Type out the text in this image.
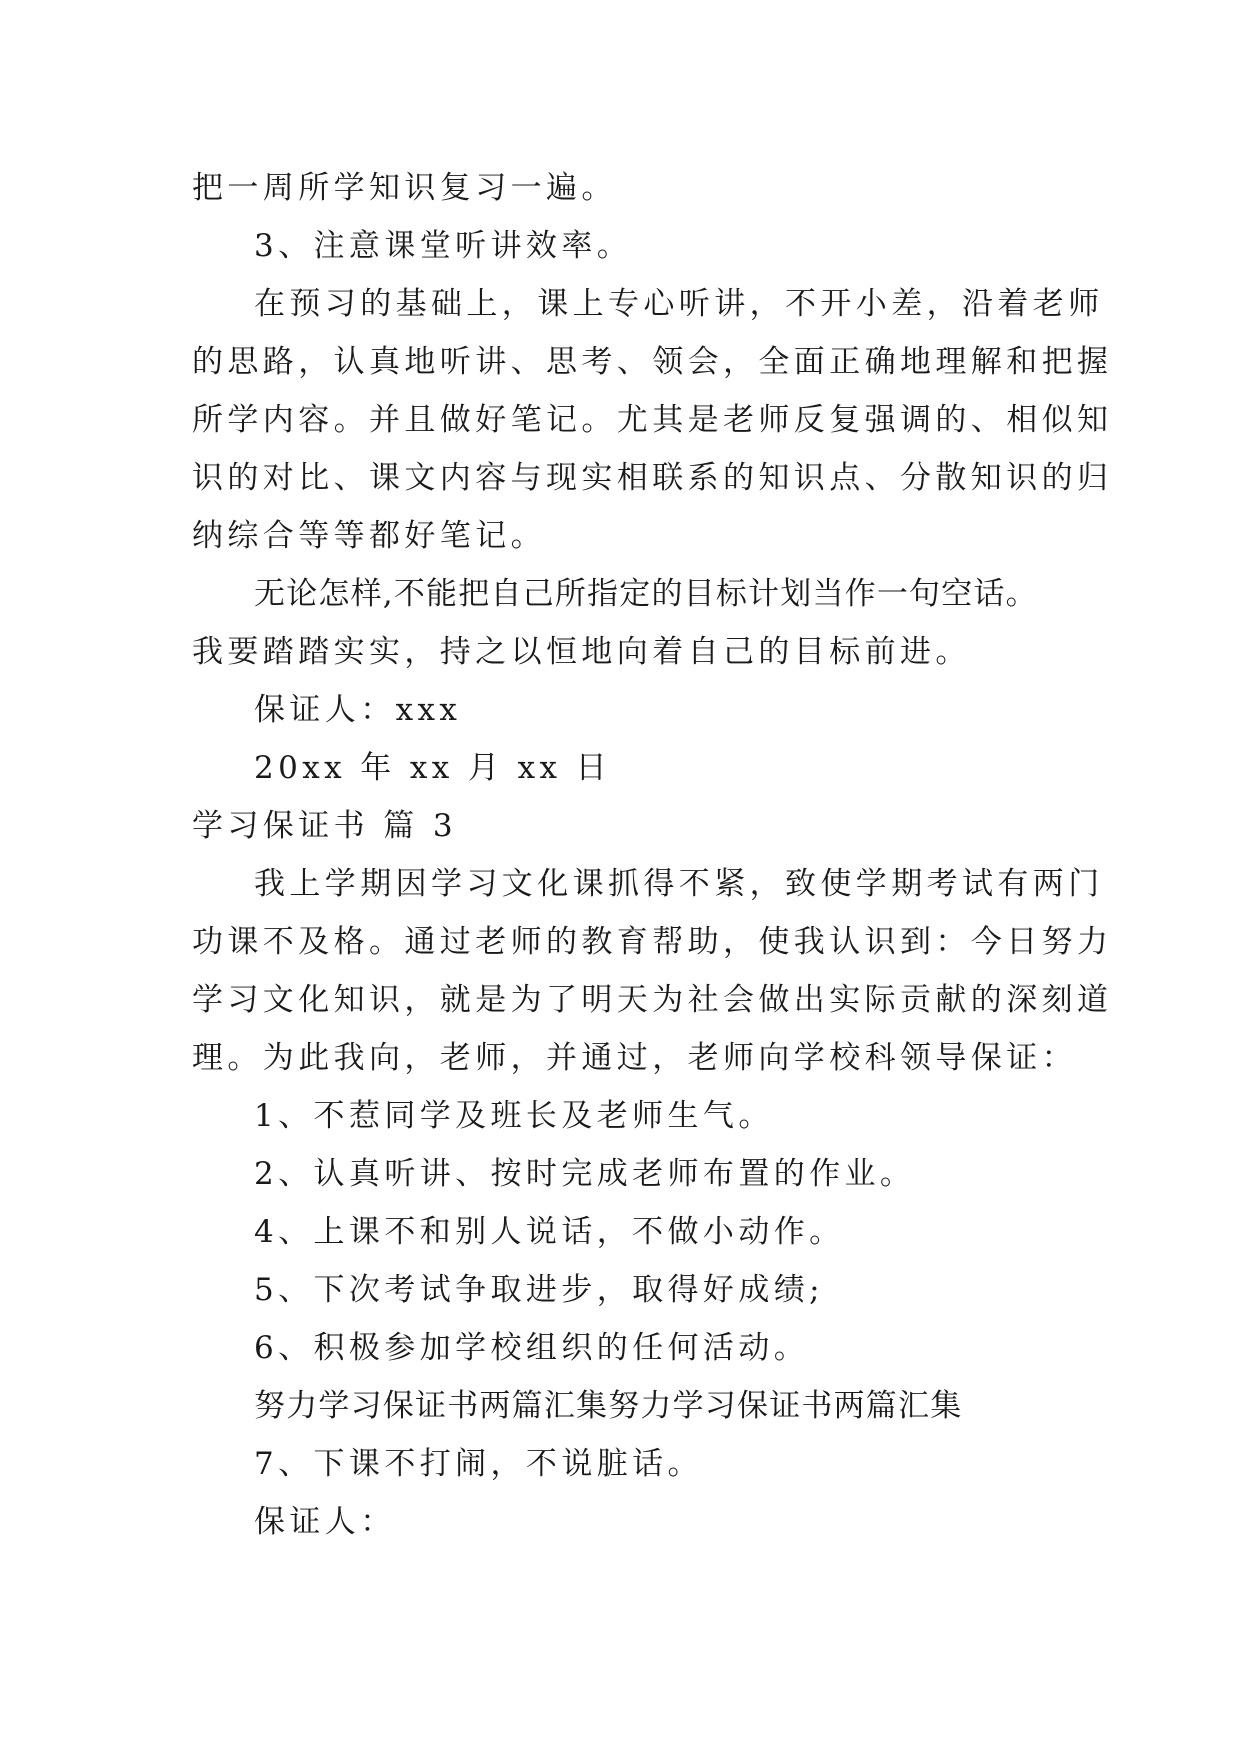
把一周所学知识复习一遍。
3、注意课堂听讲效率。
在预习的基础上，课上专心听讲，不开小差，沿着老师
的思路，认真地听讲、思考、领会，全面正确地理解和把握
所学内容。并且做好笔记。尤其是老师反复强调的、相似知
识的对比、课文内容与现实相联系的知识点、分散知识的归
纳综合等等都好笔记。
无论怎样,不能把自己所指定的目标计划当作一句空话。
我要踏踏实实，持之以恒地向着自己的目标前进。
保证人：xxx
20xx 年 xx 月 xx 日
学习保证书 篇 3
我上学期因学习文化课抓得不紧，致使学期考试有两门
功课不及格。通过老师的教育帮助，使我认识到：今日努力
学习文化知识，就是为了明天为社会做出实际贡献的深刻道
理。为此我向，老师，并通过，老师向学校科领导保证：
1、不惹同学及班长及老师生气。
2、认真听讲、按时完成老师布置的作业。
4、上课不和别人说话，不做小动作。
5、下次考试争取进步，取得好成绩;
6、积极参加学校组织的任何活动。
努力学习保证书两篇汇集努力学习保证书两篇汇集
7、下课不打闹，不说脏话。
保证人：
